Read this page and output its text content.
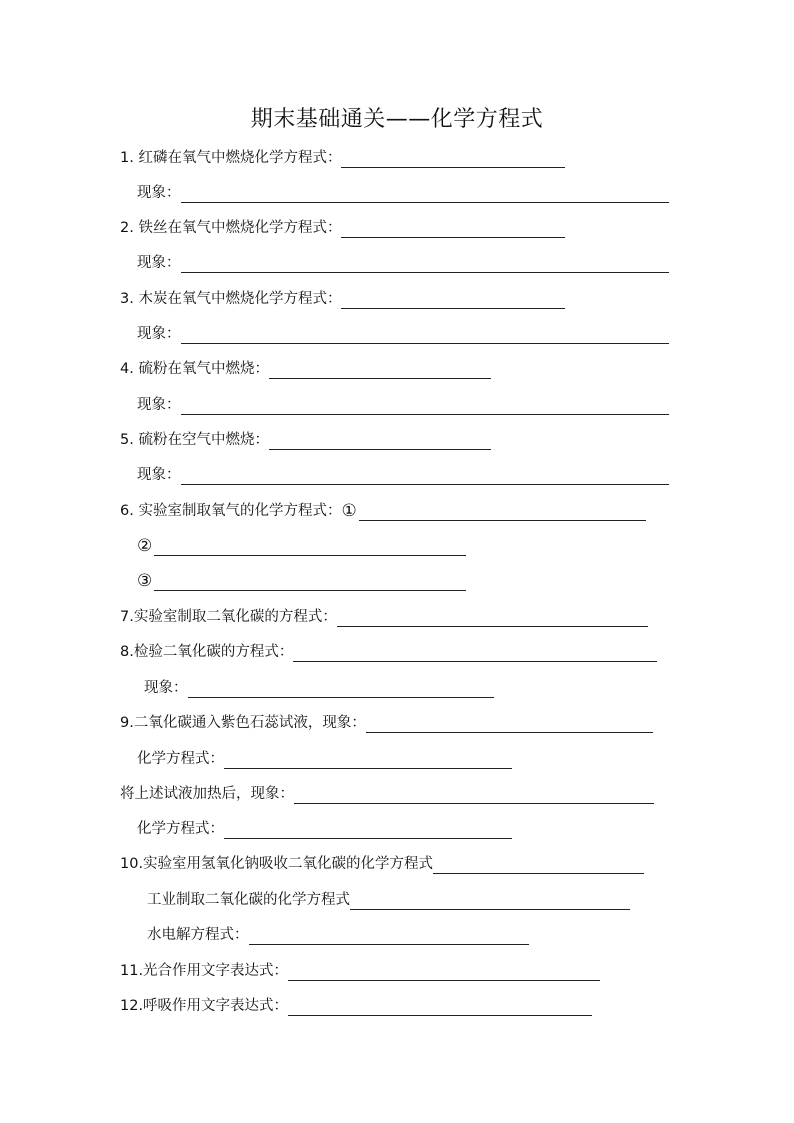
期末基础通关——化学方程式
1. 红磷在氧气中燃烧化学方程式：
现象：
2. 铁丝在氧气中燃烧化学方程式：
现象：
3. 木炭在氧气中燃烧化学方程式：
现象：
4. 硫粉在氧气中燃烧：
现象：
5. 硫粉在空气中燃烧：
现象：
6. 实验室制取氧气的化学方程式： ①
②
③
7.实验室制取二氧化碳的方程式：
8.检验二氧化碳的方程式：
现象：
9.二氧化碳通入紫色石蕊试液，现象：
化学方程式：
将上述试液加热后，现象：
化学方程式：
10.实验室用氢氧化钠吸收二氧化碳的化学方程式
工业制取二氧化碳的化学方程式
水电解方程式：
11.光合作用文字表达式：
12.呼吸作用文字表达式：
